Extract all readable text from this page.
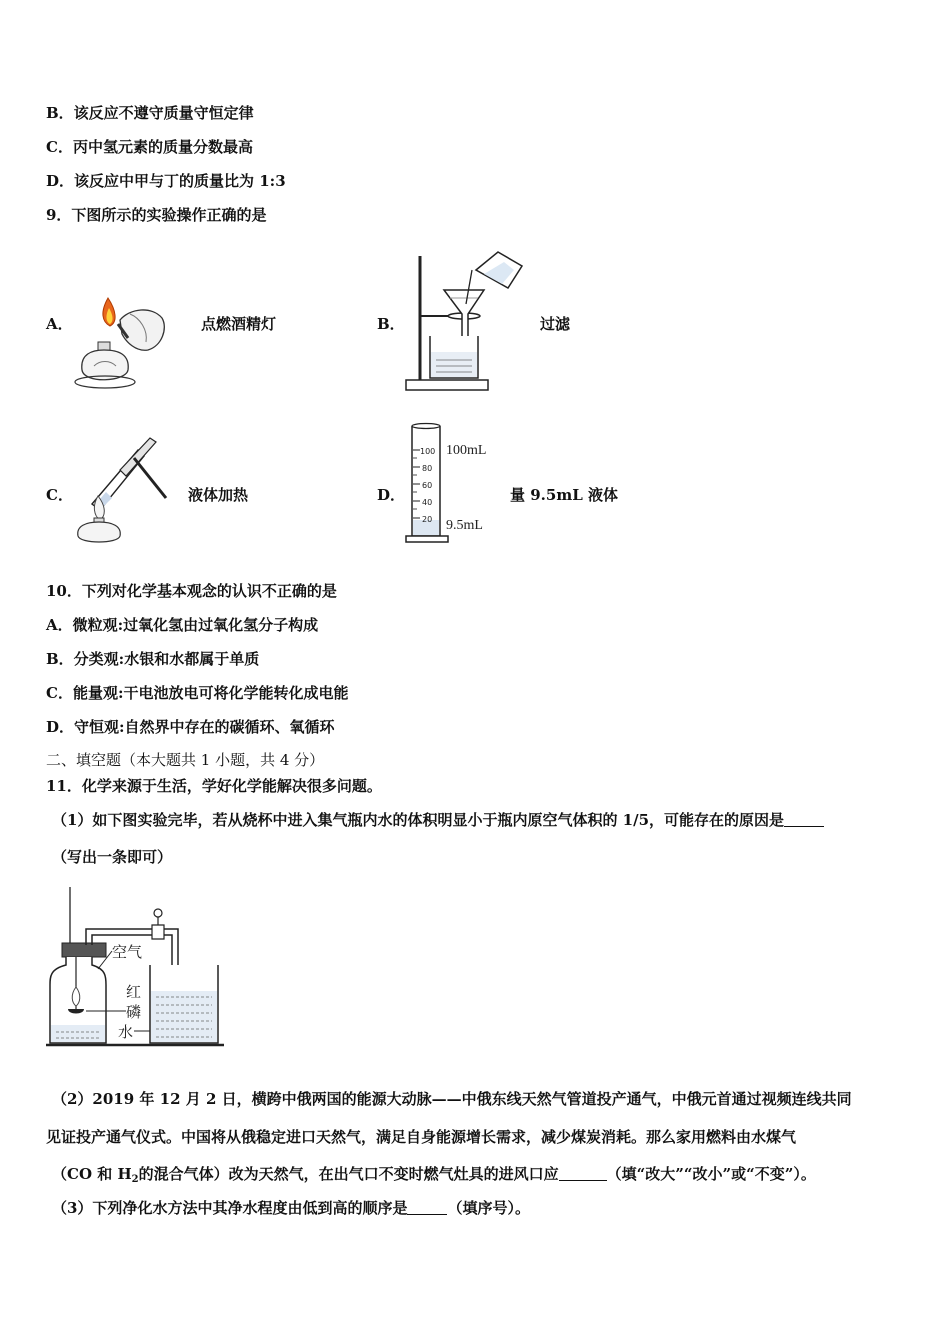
B．该反应不遵守质量守恒定律
C．丙中氢元素的质量分数最高
D．该反应中甲与丁的质量比为 1:3
9．下图所示的实验操作正确的是
A．	点燃酒精灯	B．	过滤
C．	液体加热	D．
100
80
60
40
20
100mL
9.5mL
量 9.5mL 液体
10．下列对化学基本观念的认识不正确的是
A．微粒观:过氧化氢由过氧化氢分子构成
B．分类观:水银和水都属于单质
C．能量观:干电池放电可将化学能转化成电能
D．守恒观:自然界中存在的碳循环、氧循环
二、填空题（本大题共 1 小题，共 4 分）
11．化学来源于生活，学好化学能解决很多问题。
（1）如下图实验完毕，若从烧杯中进入集气瓶内水的体积明显小于瓶内原空气体积的 1/5，可能存在的原因是
（写出一条即可）
空气
红
磷
水
（2）2019 年 12 月 2 日，横跨中俄两国的能源大动脉——中俄东线天然气管道投产通气，中俄元首通过视频连线共同
见证投产通气仪式。中国将从俄稳定进口天然气，满足自身能源增长需求，减少煤炭消耗。那么家用燃料由水煤气
（CO 和 $H_2$的混合气体）改为天然气，在出气口不变时燃气灶具的进风口应	（填“改大”“改小”或“不变”）。
（3）下列净化水方法中其净水程度由低到高的顺序是	（填序号）。
